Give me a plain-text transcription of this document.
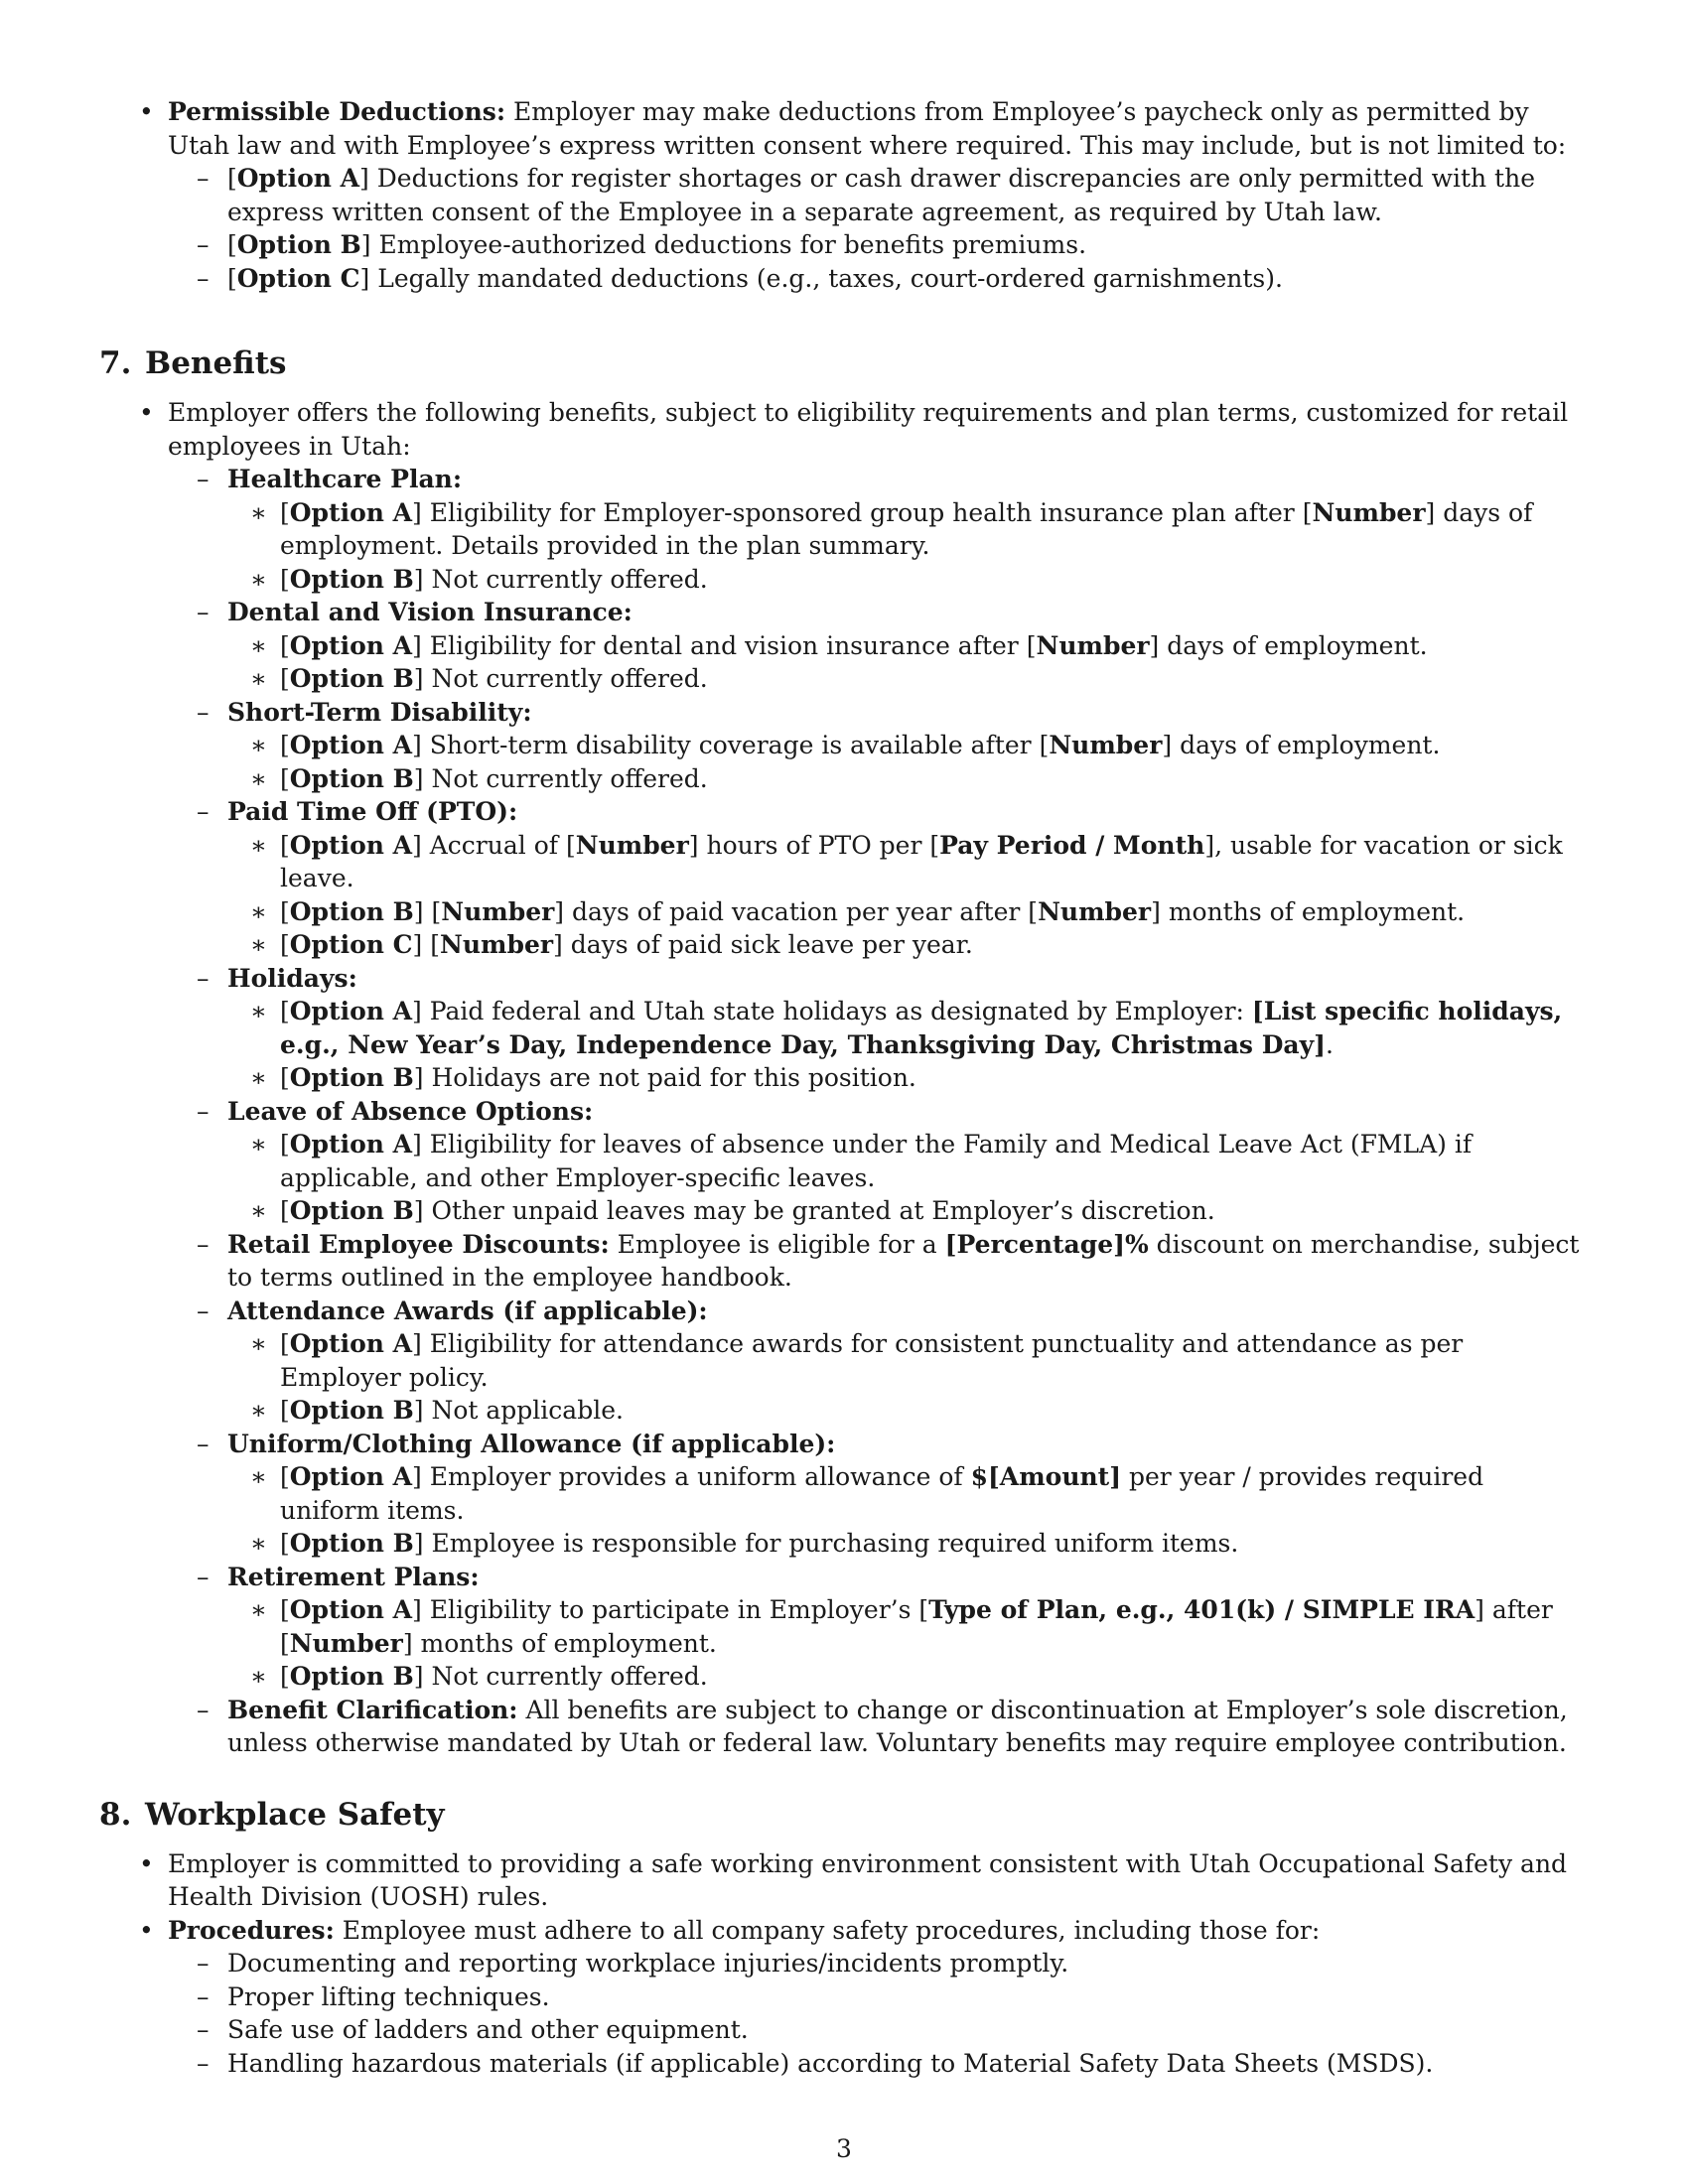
• Permissible Deductions: Employer may make deductions from Employee’s paycheck only as permitted by Utah law and with Employee’s express written consent where required. This may include, but is not limited to:
– [Option A] Deductions for register shortages or cash drawer discrepancies are only permitted with the express written consent of the Employee in a separate agreement, as required by Utah law.
– [Option B] Employee-authorized deductions for benefits premiums.
– [Option C] Legally mandated deductions (e.g., taxes, court-ordered garnishments).
7. Benefits
• Employer offers the following benefits, subject to eligibility requirements and plan terms, customized for retail employees in Utah:
– Healthcare Plan:
∗ [Option A] Eligibility for Employer-sponsored group health insurance plan after [Number] days of employment. Details provided in the plan summary.
∗ [Option B] Not currently offered.
– Dental and Vision Insurance:
∗ [Option A] Eligibility for dental and vision insurance after [Number] days of employment.
∗ [Option B] Not currently offered.
– Short-Term Disability:
∗ [Option A] Short-term disability coverage is available after [Number] days of employment.
∗ [Option B] Not currently offered.
– Paid Time Off (PTO):
∗ [Option A] Accrual of [Number] hours of PTO per [Pay Period / Month], usable for vacation or sick leave.
∗ [Option B] [Number] days of paid vacation per year after [Number] months of employment.
∗ [Option C] [Number] days of paid sick leave per year.
– Holidays:
∗ [Option A] Paid federal and Utah state holidays as designated by Employer: [List specific holidays, e.g., New Year’s Day, Independence Day, Thanksgiving Day, Christmas Day].
∗ [Option B] Holidays are not paid for this position.
– Leave of Absence Options:
∗ [Option A] Eligibility for leaves of absence under the Family and Medical Leave Act (FMLA) if applicable, and other Employer-specific leaves.
∗ [Option B] Other unpaid leaves may be granted at Employer’s discretion.
– Retail Employee Discounts: Employee is eligible for a [Percentage]% discount on merchandise, subject to terms outlined in the employee handbook.
– Attendance Awards (if applicable):
∗ [Option A] Eligibility for attendance awards for consistent punctuality and attendance as per Employer policy.
∗ [Option B] Not applicable.
– Uniform/Clothing Allowance (if applicable):
∗ [Option A] Employer provides a uniform allowance of $[Amount] per year / provides required uniform items.
∗ [Option B] Employee is responsible for purchasing required uniform items.
– Retirement Plans:
∗ [Option A] Eligibility to participate in Employer’s [Type of Plan, e.g., 401(k) / SIMPLE IRA] after [Number] months of employment.
∗ [Option B] Not currently offered.
– Benefit Clarification: All benefits are subject to change or discontinuation at Employer’s sole discretion, unless otherwise mandated by Utah or federal law. Voluntary benefits may require employee contribution.
8. Workplace Safety
• Employer is committed to providing a safe working environment consistent with Utah Occupational Safety and Health Division (UOSH) rules.
• Procedures: Employee must adhere to all company safety procedures, including those for:
– Documenting and reporting workplace injuries/incidents promptly.
– Proper lifting techniques.
– Safe use of ladders and other equipment.
– Handling hazardous materials (if applicable) according to Material Safety Data Sheets (MSDS).
3
